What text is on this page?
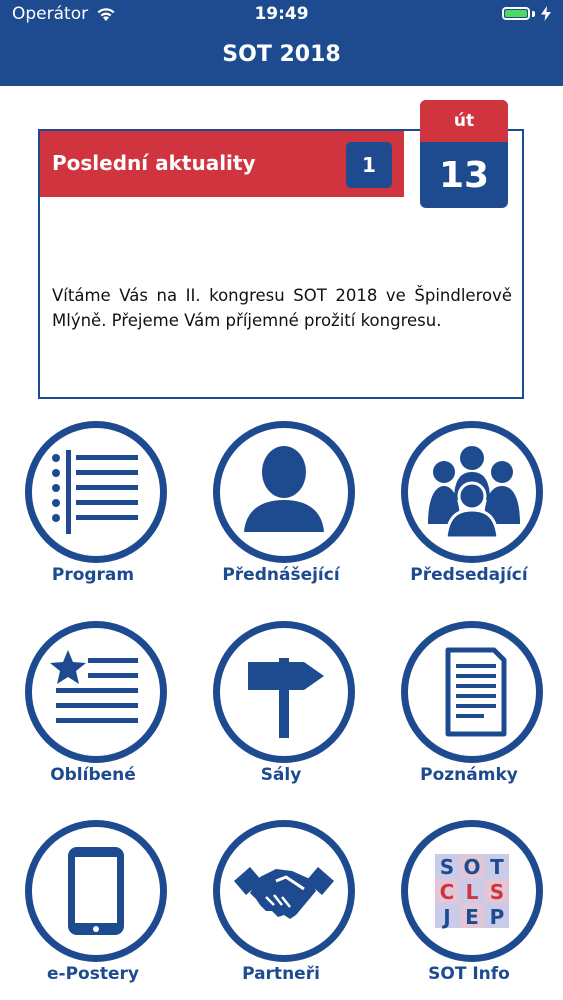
Operátor	19:49
SOT 2018
Poslední aktuality	1
Vítáme Vás na II. kongresu SOT 2018 ve Špindlerově Mlýně. Přejeme Vám příjemné prožití kongresu.
út
13
Program	Přednášející	Předsedající
Oblíbené	Sály	Poznámky
e-Postery	Partneři
S O T
C L S
J E P
SOT Info
